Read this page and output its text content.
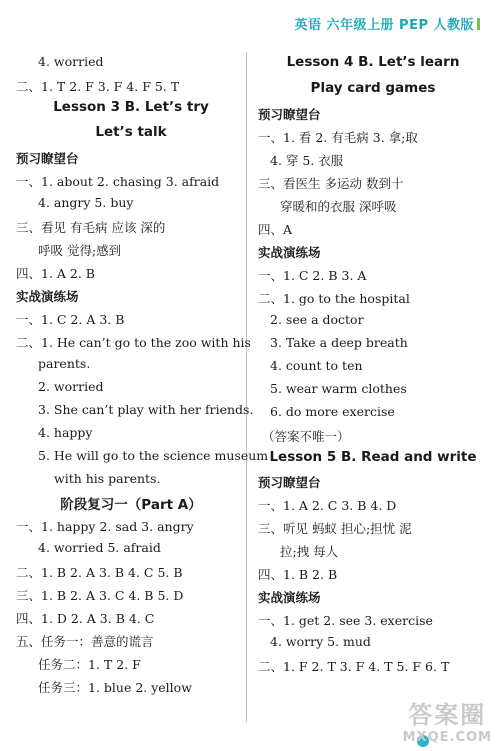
英语 六年级上册 PEP 人教版
4. worried
二、1. T 2. F 3. F 4. F 5. T
Lesson 3 B. Let’s try
Let’s talk
预习瞭望台
一、1. about 2. chasing 3. afraid
4. angry 5. buy
三、看见 有毛病 应该 深的
呼吸 觉得;感到
四、1. A 2. B
实战演练场
一、1. C 2. A 3. B
二、1. He can’t go to the zoo with his
parents.
2. worried
3. She can’t play with her friends.
4. happy
5. He will go to the science museum
with his parents.
阶段复习一（Part A）
一、1. happy 2. sad 3. angry
4. worried 5. afraid
二、1. B 2. A 3. B 4. C 5. B
三、1. B 2. A 3. C 4. B 5. D
四、1. D 2. A 3. B 4. C
五、任务一：善意的谎言
任务二：1. T 2. F
任务三：1. blue 2. yellow
Lesson 4 B. Let’s learn
Play card games
预习瞭望台
一、1. 看 2. 有毛病 3. 拿;取
4. 穿 5. 衣服
三、看医生 多运动 数到十
穿暖和的衣服 深呼吸
四、A
实战演练场
一、1. C 2. B 3. A
二、1. go to the hospital
2. see a doctor
3. Take a deep breath
4. count to ten
5. wear warm clothes
6. do more exercise
（答案不唯一）
Lesson 5 B. Read and write
预习瞭望台
一、1. A 2. C 3. B 4. D
三、听见 蚂蚁 担心;担忧 泥
拉;拽 每人
四、1. B 2. B
实战演练场
一、1. get 2. see 3. exercise
4. worry 5. mud
二、1. F 2. T 3. F 4. T 5. F 6. T
答案圈
MXQE.COM
